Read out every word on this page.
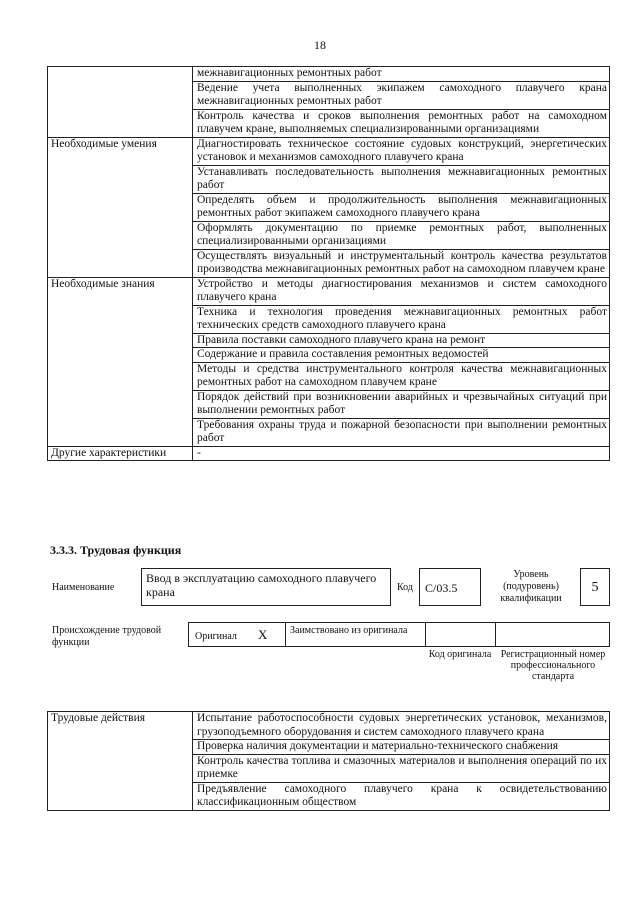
18
	межнавигационных ремонтных работ
	Ведение учета выполненных экипажем самоходного плавучего крана межнавигационных ремонтных работ
	Контроль качества и сроков выполнения ремонтных работ на самоходном плавучем кране, выполняемых специализированными организациями
Необходимые умения	Диагностировать техническое состояние судовых конструкций, энергетических установок и механизмов самоходного плавучего крана
	Устанавливать последовательность выполнения межнавигационных ремонтных работ
	Определять объем и продолжительность выполнения межнавигационных ремонтных работ экипажем самоходного плавучего крана
	Оформлять документацию по приемке ремонтных работ, выполненных специализированными организациями
	Осуществлять визуальный и инструментальный контроль качества результатов производства межнавигационных ремонтных работ на самоходном плавучем кране
Необходимые знания	Устройство и методы диагностирования механизмов и систем самоходного плавучего крана
	Техника и технология проведения межнавигационных ремонтных работ технических средств самоходного плавучего крана
	Правила поставки самоходного плавучего крана на ремонт
	Содержание и правила составления ремонтных ведомостей
	Методы и средства инструментального контроля качества межнавигационных ремонтных работ на самоходном плавучем кране
	Порядок действий при возникновении аварийных и чрезвычайных ситуаций при выполнении ремонтных работ
	Требования охраны труда и пожарной безопасности при выполнении ремонтных работ
Другие характеристики	-
3.3.3. Трудовая функция
Наименование
Ввод в эксплуатацию самоходного плавучего крана	Код	C/03.5
Уровень (подуровень) квалификации
5
Происхождение трудовой функции
Оригинал X Заимствовано из оригинала
Код оригинала Регистрационный номер профессионального стандарта
Трудовые действия	Испытание работоспособности судовых энергетических установок, механизмов, грузоподъемного оборудования и систем самоходного плавучего крана
Проверка наличия документации и материально-технического снабжения
Контроль качества топлива и смазочных материалов и выполнения операций по их приемке
Предъявление самоходного плавучего крана к освидетельствованию классификационным обществом
